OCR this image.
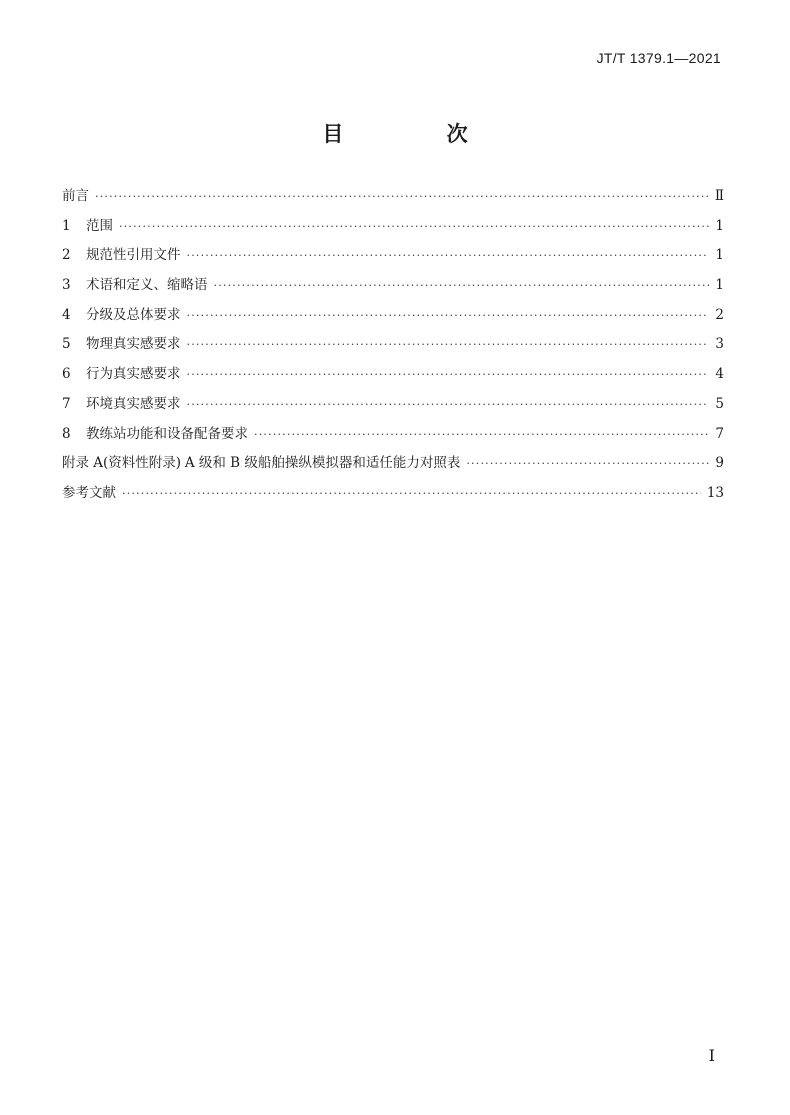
JT/T 1379.1—2021
目 次
前言 ·····	Ⅱ
1	范围 ·····	1
2	规范性引用文件 ·····	1
3	术语和定义、缩略语 ·····	1
4	分级及总体要求 ·····	2
5	物理真实感要求 ·····	3
6	行为真实感要求 ·····	4
7	环境真实感要求 ·····	5
8	教练站功能和设备配备要求 ·····	7
附录 A(资料性附录) A 级和 B 级船舶操纵模拟器和适任能力对照表 ·····	9
参考文献 ·····	13
I
